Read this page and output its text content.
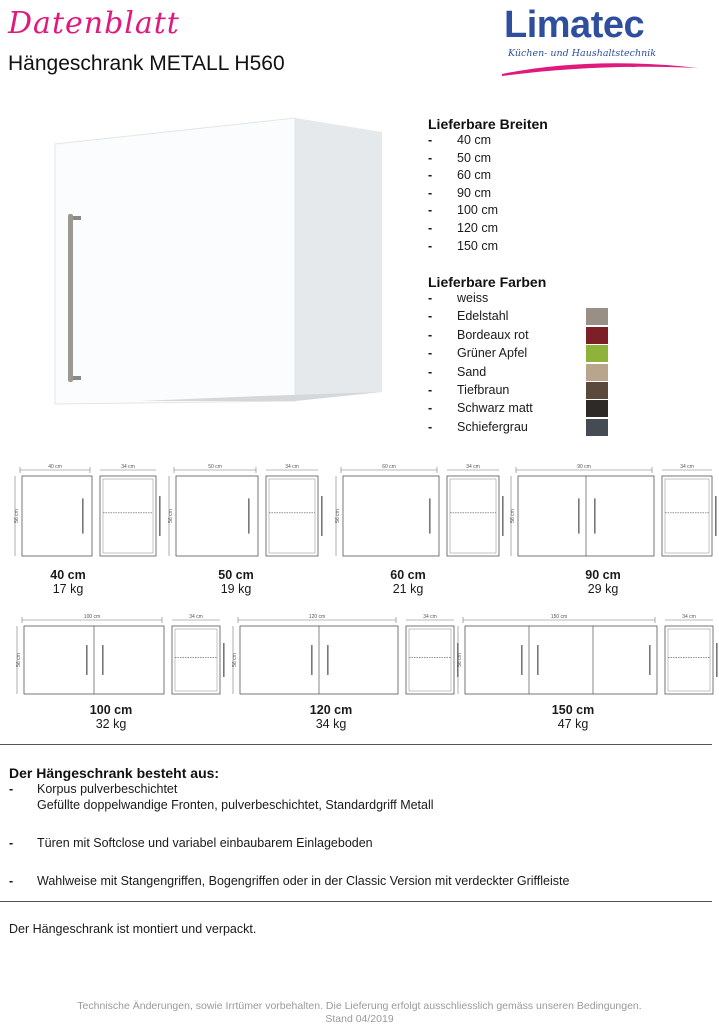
Datenblatt
Hängeschrank METALL H560
Limatec
Küchen- und Haushaltstechnik
Lieferbare Breiten
- 40 cm
- 50 cm
- 60 cm
- 90 cm
- 100 cm
- 120 cm
- 150 cm
Lieferbare Farben
- weiss
- Edelstahl
- Bordeaux rot
- Grüner Apfel
- Sand
- Tiefbraun
- Schwarz matt
- Schiefergrau
40 cm
56 cm
34 cm
40 cm
17 kg
50 cm
56 cm
34 cm
50 cm
19 kg
60 cm
56 cm
34 cm
60 cm
21 kg
90 cm
56 cm
34 cm
90 cm
29 kg
100 cm
56 cm
34 cm
100 cm
32 kg
120 cm
56 cm
34 cm
120 cm
34 kg
150 cm
56 cm
34 cm
150 cm
47 kg
Der Hängeschrank besteht aus:
- Korpus pulverbeschichtet
Gefüllte doppelwandige Fronten, pulverbeschichtet, Standardgriff Metall
- Türen mit Softclose und variabel einbaubarem Einlageboden
- Wahlweise mit Stangengriffen, Bogengriffen oder in der Classic Version mit verdeckter Griffleiste
Der Hängeschrank ist montiert und verpackt.
Technische Änderungen, sowie Irrtümer vorbehalten. Die Lieferung erfolgt ausschliesslich gemäss unseren Bedingungen.
Stand 04/2019
